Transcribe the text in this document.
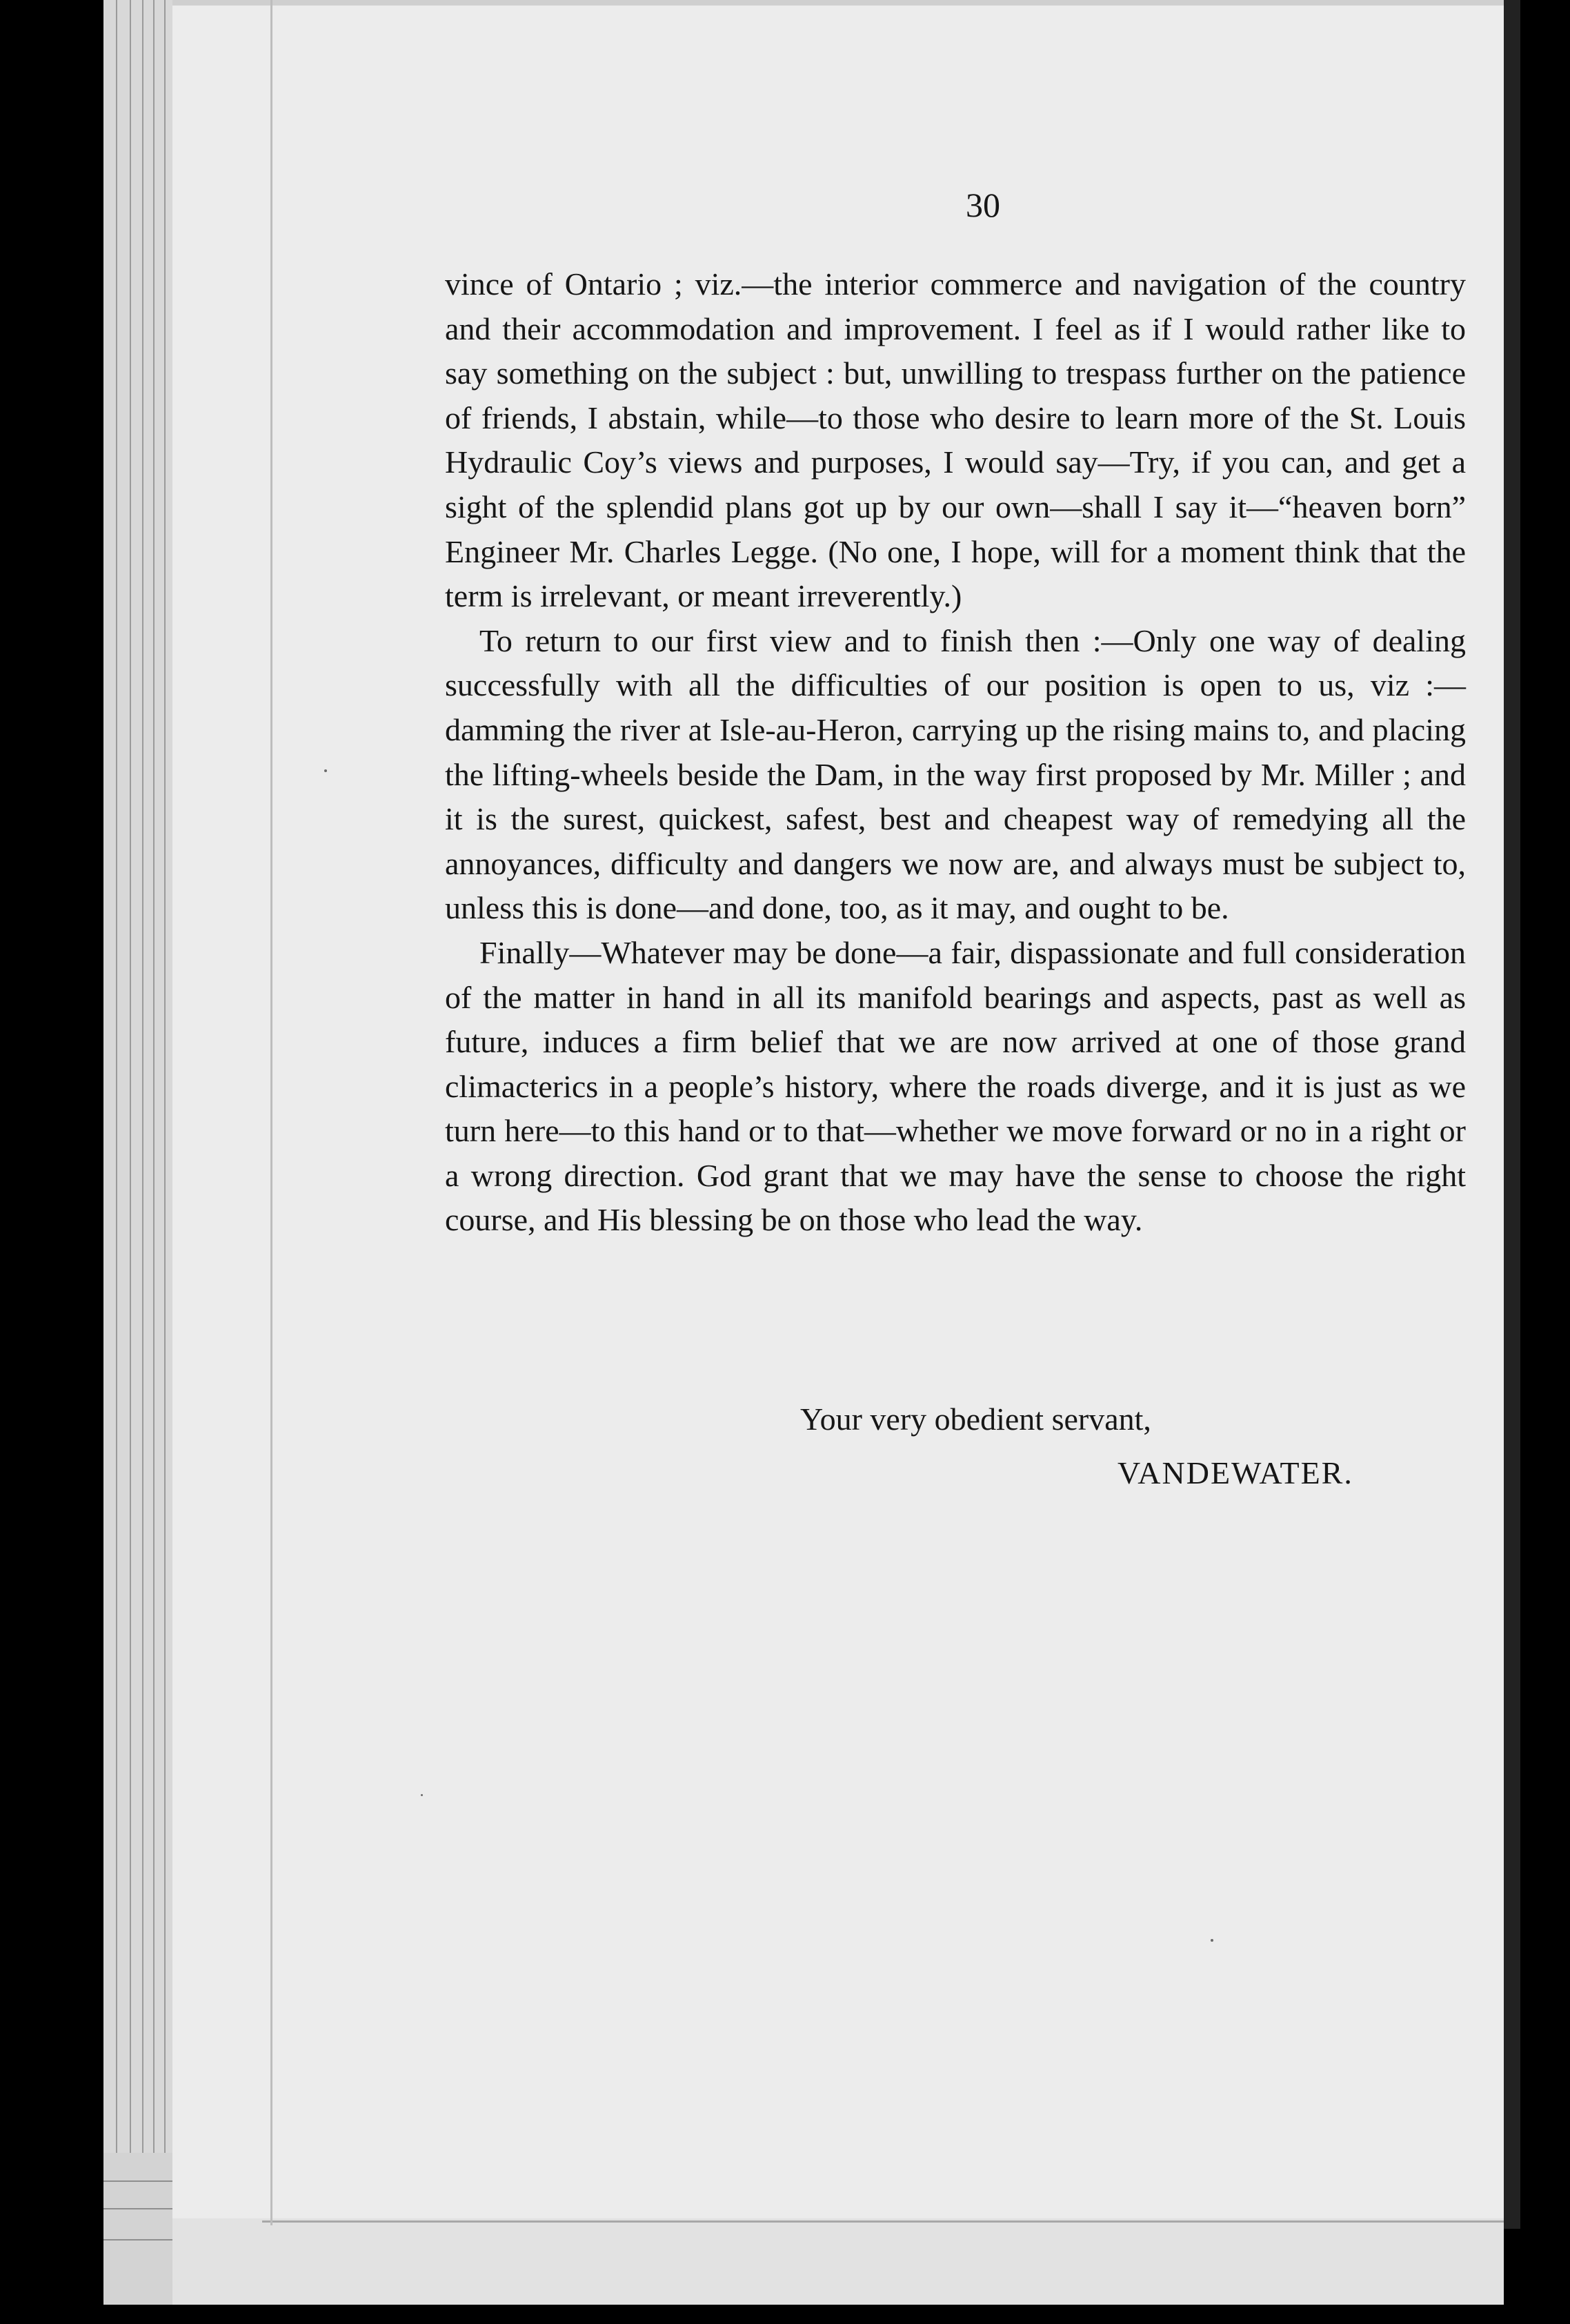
30

vince of Ontario ; viz.—the interior commerce and navigation of the country and their accommodation and improvement. I feel as if I would rather like to say something on the subject : but, unwilling to trespass further on the patience of friends, I abstain, while—to those who desire to learn more of the St. Louis Hydraulic Coy’s views and purposes, I would say—Try, if you can, and get a sight of the splendid plans got up by our own—shall I say it—“heaven born” Engineer Mr. Charles Legge. (No one, I hope, will for a moment think that the term is irrelevant, or meant irreverently.)

To return to our first view and to finish then :—Only one way of dealing successfully with all the difficulties of our position is open to us, viz :—damming the river at Isle-au-Heron, carrying up the rising mains to, and placing the lifting-wheels beside the Dam, in the way first proposed by Mr. Miller ; and it is the surest, quickest, safest, best and cheapest way of remedying all the annoyances, difficulty and dangers we now are, and always must be subject to, unless this is done—and done, too, as it may, and ought to be.

Finally—Whatever may be done—a fair, dispassionate and full consideration of the matter in hand in all its manifold bearings and aspects, past as well as future, induces a firm belief that we are now arrived at one of those grand climacterics in a people’s history, where the roads diverge, and it is just as we turn here—to this hand or to that—whether we move forward or no in a right or a wrong direction. God grant that we may have the sense to choose the right course, and His blessing be on those who lead the way.

Your very obedient servant,
VANDEWATER.
